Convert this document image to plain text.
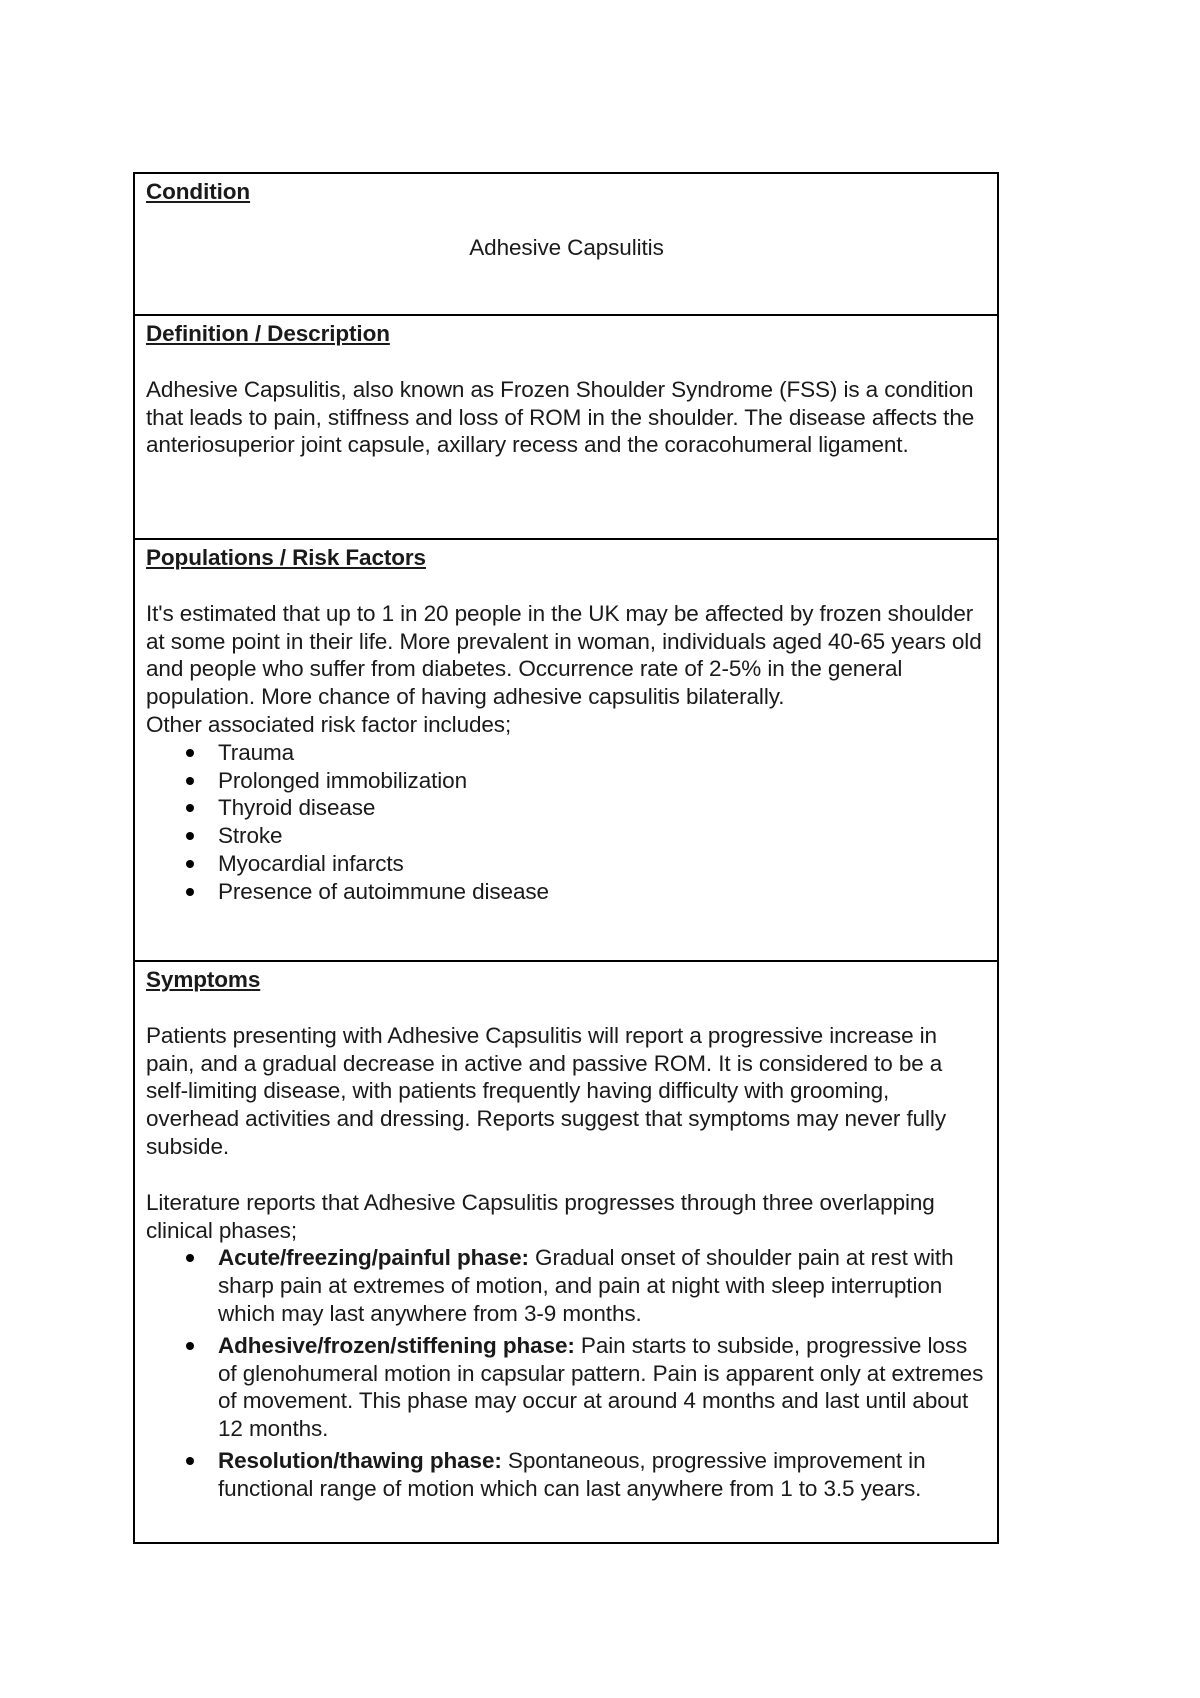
Condition

Adhesive Capsulitis

Definition / Description

Adhesive Capsulitis, also known as Frozen Shoulder Syndrome (FSS) is a condition that leads to pain, stiffness and loss of ROM in the shoulder. The disease affects the anteriosuperior joint capsule, axillary recess and the coracohumeral ligament.

Populations / Risk Factors

It's estimated that up to 1 in 20 people in the UK may be affected by frozen shoulder at some point in their life. More prevalent in woman, individuals aged 40-65 years old and people who suffer from diabetes. Occurrence rate of 2-5% in the general population. More chance of having adhesive capsulitis bilaterally.

Other associated risk factor includes;

Trauma
Prolonged immobilization
Thyroid disease
Stroke
Myocardial infarcts
Presence of autoimmune disease

Symptoms

Patients presenting with Adhesive Capsulitis will report a progressive increase in pain, and a gradual decrease in active and passive ROM. It is considered to be a self-limiting disease, with patients frequently having difficulty with grooming, overhead activities and dressing. Reports suggest that symptoms may never fully subside.

Literature reports that Adhesive Capsulitis progresses through three overlapping clinical phases;

Acute/freezing/painful phase: Gradual onset of shoulder pain at rest with sharp pain at extremes of motion, and pain at night with sleep interruption which may last anywhere from 3-9 months.
Adhesive/frozen/stiffening phase: Pain starts to subside, progressive loss of glenohumeral motion in capsular pattern. Pain is apparent only at extremes of movement. This phase may occur at around 4 months and last until about 12 months.
Resolution/thawing phase: Spontaneous, progressive improvement in functional range of motion which can last anywhere from 1 to 3.5 years.
